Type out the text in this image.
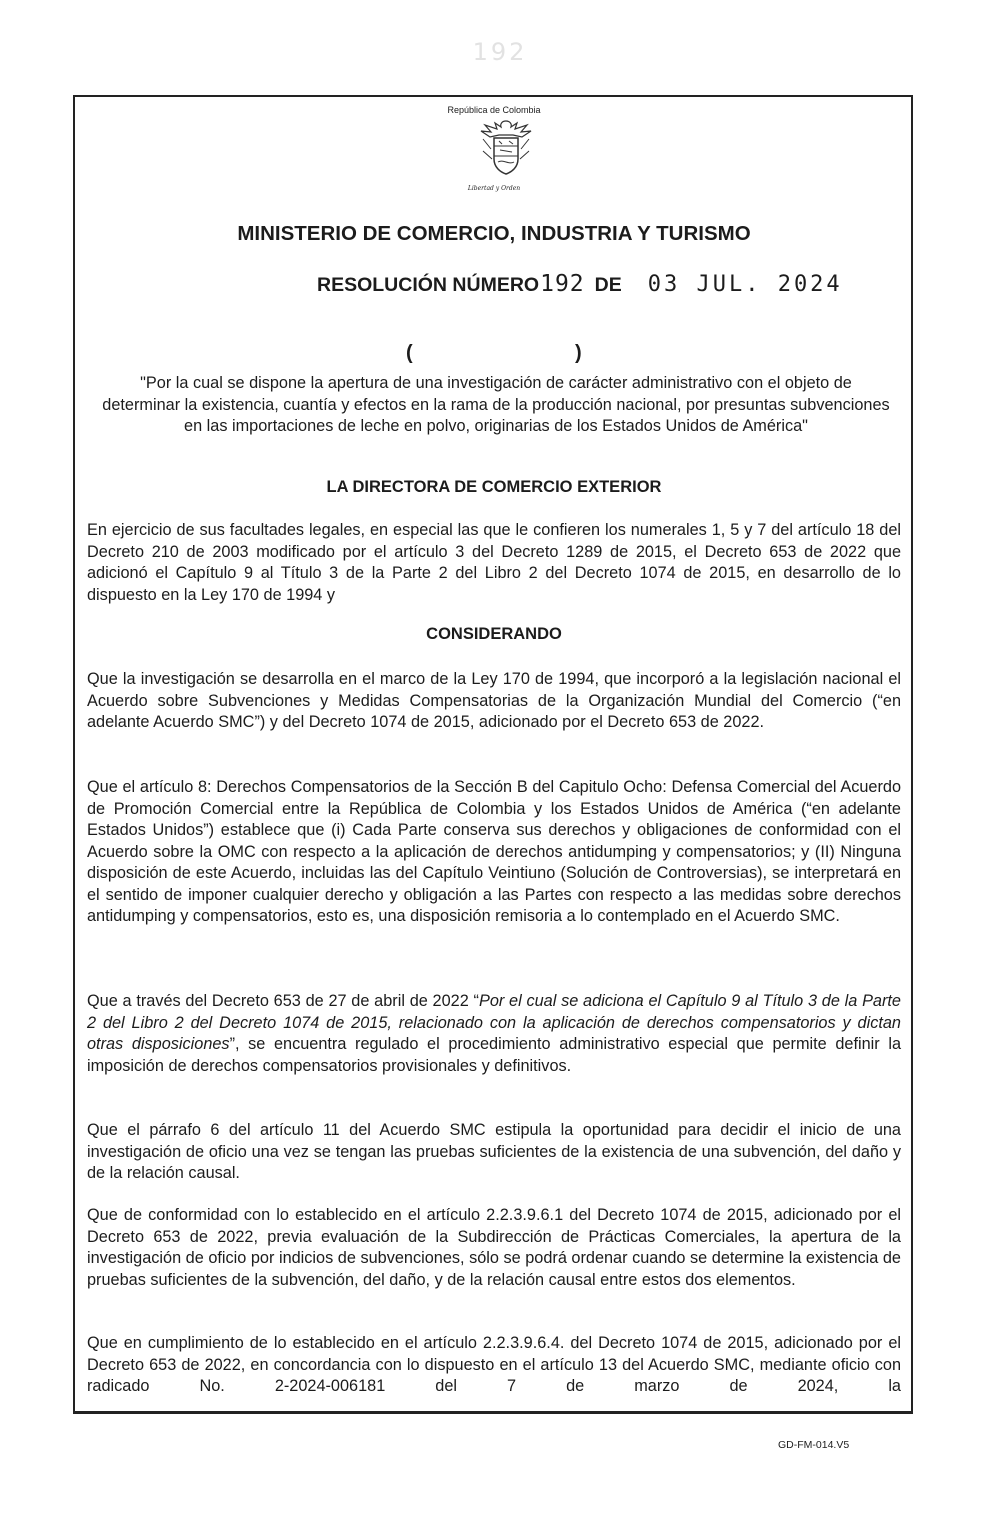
192
República de Colombia
Libertad y Orden
MINISTERIO DE COMERCIO, INDUSTRIA Y TURISMO
RESOLUCIÓN NÚMERO192 DE 03 JUL. 2024
(	)
"Por la cual se dispone la apertura de una investigación de carácter administrativo con el objeto de determinar la existencia, cuantía y efectos en la rama de la producción nacional, por presuntas subvenciones en las importaciones de leche en polvo, originarias de los Estados Unidos de América"
LA DIRECTORA DE COMERCIO EXTERIOR
En ejercicio de sus facultades legales, en especial las que le confieren los numerales 1, 5 y 7 del artículo 18 del Decreto 210 de 2003 modificado por el artículo 3 del Decreto 1289 de 2015, el Decreto 653 de 2022 que adicionó el Capítulo 9 al Título 3 de la Parte 2 del Libro 2 del Decreto 1074 de 2015, en desarrollo de lo dispuesto en la Ley 170 de 1994 y
CONSIDERANDO
Que la investigación se desarrolla en el marco de la Ley 170 de 1994, que incorporó a la legislación nacional el Acuerdo sobre Subvenciones y Medidas Compensatorias de la Organización Mundial del Comercio (“en adelante Acuerdo SMC”) y del Decreto 1074 de 2015, adicionado por el Decreto 653 de 2022.
Que el artículo 8: Derechos Compensatorios de la Sección B del Capitulo Ocho: Defensa Comercial del Acuerdo de Promoción Comercial entre la República de Colombia y los Estados Unidos de América (“en adelante Estados Unidos”) establece que (i) Cada Parte conserva sus derechos y obligaciones de conformidad con el Acuerdo sobre la OMC con respecto a la aplicación de derechos antidumping y compensatorios; y (II) Ninguna disposición de este Acuerdo, incluidas las del Capítulo Veintiuno (Solución de Controversias), se interpretará en el sentido de imponer cualquier derecho y obligación a las Partes con respecto a las medidas sobre derechos antidumping y compensatorios, esto es, una disposición remisoria a lo contemplado en el Acuerdo SMC.
Que a través del Decreto 653 de 27 de abril de 2022 “Por el cual se adiciona el Capítulo 9 al Título 3 de la Parte 2 del Libro 2 del Decreto 1074 de 2015, relacionado con la aplicación de derechos compensatorios y dictan otras disposiciones”, se encuentra regulado el procedimiento administrativo especial que permite definir la imposición de derechos compensatorios provisionales y definitivos.
Que el párrafo 6 del artículo 11 del Acuerdo SMC estipula la oportunidad para decidir el inicio de una investigación de oficio una vez se tengan las pruebas suficientes de la existencia de una subvención, del daño y de la relación causal.
Que de conformidad con lo establecido en el artículo 2.2.3.9.6.1 del Decreto 1074 de 2015, adicionado por el Decreto 653 de 2022, previa evaluación de la Subdirección de Prácticas Comerciales, la apertura de la investigación de oficio por indicios de subvenciones, sólo se podrá ordenar cuando se determine la existencia de pruebas suficientes de la subvención, del daño, y de la relación causal entre estos dos elementos.
Que en cumplimiento de lo establecido en el artículo 2.2.3.9.6.4. del Decreto 1074 de 2015, adicionado por el Decreto 653 de 2022, en concordancia con lo dispuesto en el artículo 13 del Acuerdo SMC, mediante oficio con radicado No. 2-2024-006181 del 7 de marzo de 2024, la
GD-FM-014.V5
